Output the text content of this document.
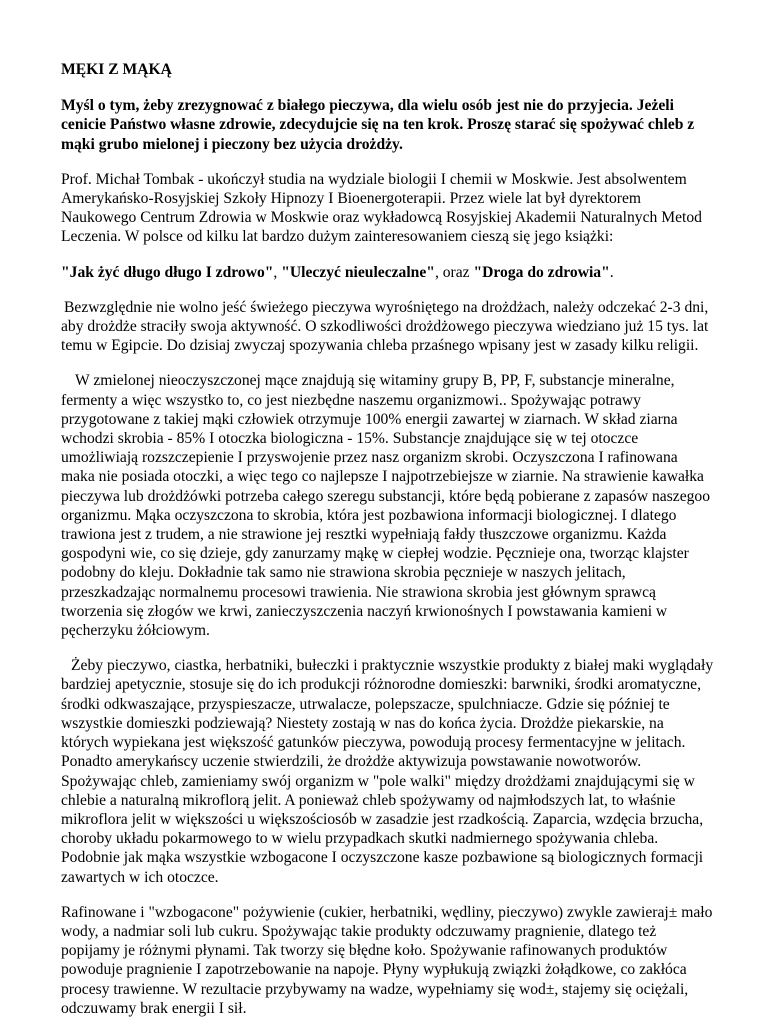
MĘKI Z MĄKĄ

Myśl o tym, żeby zrezygnować z białego pieczywa, dla wielu osób jest nie do przyjecia. Jeżeli cenicie Państwo własne zdrowie, zdecydujcie się na ten krok. Proszę starać się spożywać chleb z mąki grubo mielonej i pieczony bez użycia drożdży.

Prof. Michał Tombak - ukończył studia na wydziale biologii I chemii w Moskwie. Jest absolwentem Amerykańsko-Rosyjskiej Szkoły Hipnozy I Bioenergoterapii. Przez wiele lat był dyrektorem Naukowego Centrum Zdrowia w Moskwie oraz wykładowcą Rosyjskiej Akademii Naturalnych Metod Leczenia. W polsce od kilku lat bardzo dużym zainteresowaniem cieszą się jego książki:

"Jak żyć długo długo I zdrowo", "Uleczyć nieuleczalne", oraz "Droga do zdrowia".

Bezwzględnie nie wolno jeść świeżego pieczywa wyrośniętego na drożdżach, należy odczekać 2-3 dni, aby drożdże straciły swoja aktywność. O szkodliwości drożdżowego pieczywa wiedziano już 15 tys. lat temu w Egipcie. Do dzisiaj zwyczaj spozywania chleba przaśnego wpisany jest w zasady kilku religii.

W zmielonej nieoczyszczonej mące znajdują się witaminy grupy B, PP, F, substancje mineralne, fermenty a więc wszystko to, co jest niezbędne naszemu organizmowi.. Spożywając potrawy przygotowane z takiej mąki człowiek otrzymuje 100% energii zawartej w ziarnach. W skład ziarna wchodzi skrobia - 85% I otoczka biologiczna - 15%. Substancje znajdujące się w tej otoczce umożliwiają rozszczepienie I przyswojenie przez nasz organizm skrobi. Oczyszczona I rafinowana maka nie posiada otoczki, a więc tego co najlepsze I najpotrzebiejsze w ziarnie. Na strawienie kawałka pieczywa lub drożdżówki potrzeba całego szeregu substancji, które będą pobierane z zapasów naszegoo organizmu. Mąka oczyszczona to skrobia, która jest pozbawiona informacji biologicznej. I dlatego trawiona jest z trudem, a nie strawione jej resztki wypełniają fałdy tłuszczowe organizmu. Każda gospodyni wie, co się dzieje, gdy zanurzamy mąkę w ciepłej wodzie. Pęcznieje ona, tworząc klajster podobny do kleju. Dokładnie tak samo nie strawiona skrobia pęcznieje w naszych jelitach, przeszkadzając normalnemu procesowi trawienia. Nie strawiona skrobia jest głównym sprawcą tworzenia się złogów we krwi, zanieczyszczenia naczyń krwionośnych I powstawania kamieni w pęcherzyku żółciowym.

Żeby pieczywo, ciastka, herbatniki, bułeczki i praktycznie wszystkie produkty z białej maki wyglądały bardziej apetycznie, stosuje się do ich produkcji różnorodne domieszki: barwniki, środki aromatyczne, środki odkwaszające, przyspieszacze, utrwalacze, polepszacze, spulchniacze. Gdzie się później te wszystkie domieszki podziewają? Niestety zostają w nas do końca życia. Drożdże piekarskie, na których wypiekana jest większość gatunków pieczywa, powodują procesy fermentacyjne w jelitach. Ponadto amerykańscy uczenie stwierdzili, że drożdże aktywizuja powstawanie nowotworów. Spożywając chleb, zamieniamy swój organizm w "pole walki" między drożdżami znajdującymi się w chlebie a naturalną mikroflorą jelit. A ponieważ chleb spożywamy od najmłodszych lat, to właśnie mikroflora jelit w większości u większościosób w zasadzie jest rzadkością. Zaparcia, wzdęcia brzucha, choroby układu pokarmowego to w wielu przypadkach skutki nadmiernego spożywania chleba. Podobnie jak mąka wszystkie wzbogacone I oczyszczone kasze pozbawione są biologicznych formacji zawartych w ich otoczce.

Rafinowane i "wzbogacone" pożywienie (cukier, herbatniki, wędliny, pieczywo) zwykle zawieraj± mało wody, a nadmiar soli lub cukru. Spożywając takie produkty odczuwamy pragnienie, dlatego też popijamy je różnymi płynami. Tak tworzy się błędne koło. Spożywanie rafinowanych produktów powoduje pragnienie I zapotrzebowanie na napoje. Płyny wypłukują związki żołądkowe, co zakłóca procesy trawienne. W rezultacie przybywamy na wadze, wypełniamy się wod±, stajemy się ociężali, odczuwamy brak energii I sił.
